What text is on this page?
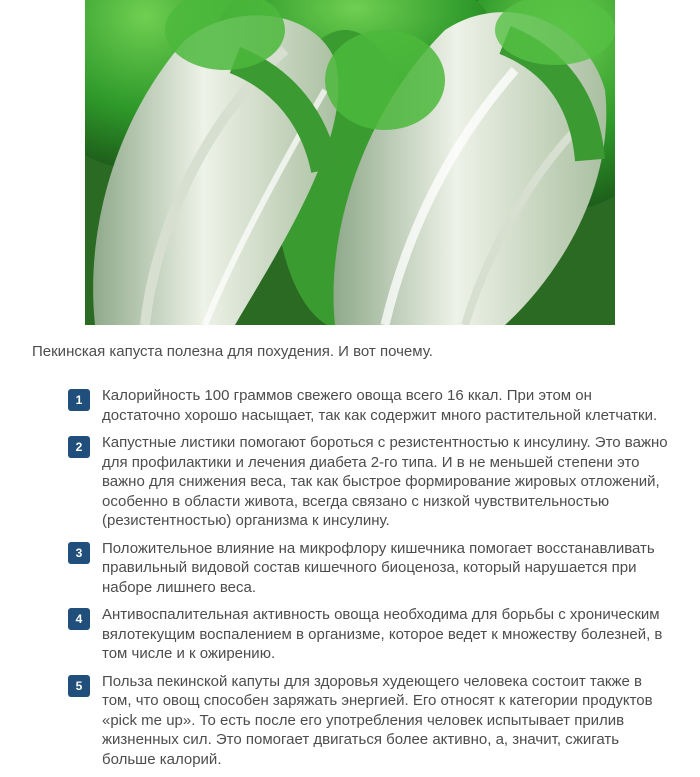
Пекинская капуста полезна для похудения. И вот почему.

1	Калорийность 100 граммов свежего овоща всего 16 ккал. При этом он достаточно хорошо насыщает, так как содержит много растительной клетчатки.
2	Капустные листики помогают бороться с резистентностью к инсулину. Это важно для профилактики и лечения диабета 2-го типа. И в не меньшей степени это важно для снижения веса, так как быстрое формирование жировых отложений, особенно в области живота, всегда связано с низкой чувствительностью (резистентностью) организма к инсулину.
3	Положительное влияние на микрофлору кишечника помогает восстанавливать правильный видовой состав кишечного биоценоза, который нарушается при наборе лишнего веса.
4	Антивоспалительная активность овоща необходима для борьбы с хроническим вялотекущим воспалением в организме, которое ведет к множеству болезней, в том числе и к ожирению.
5	Польза пекинской капуты для здоровья худеющего человека состоит также в том, что овощ способен заряжать энергией. Его относят к категории продуктов «pick me up». То есть после его употребления человек испытывает прилив жизненных сил. Это помогает двигаться более активно, а, значит, сжигать больше калорий.
